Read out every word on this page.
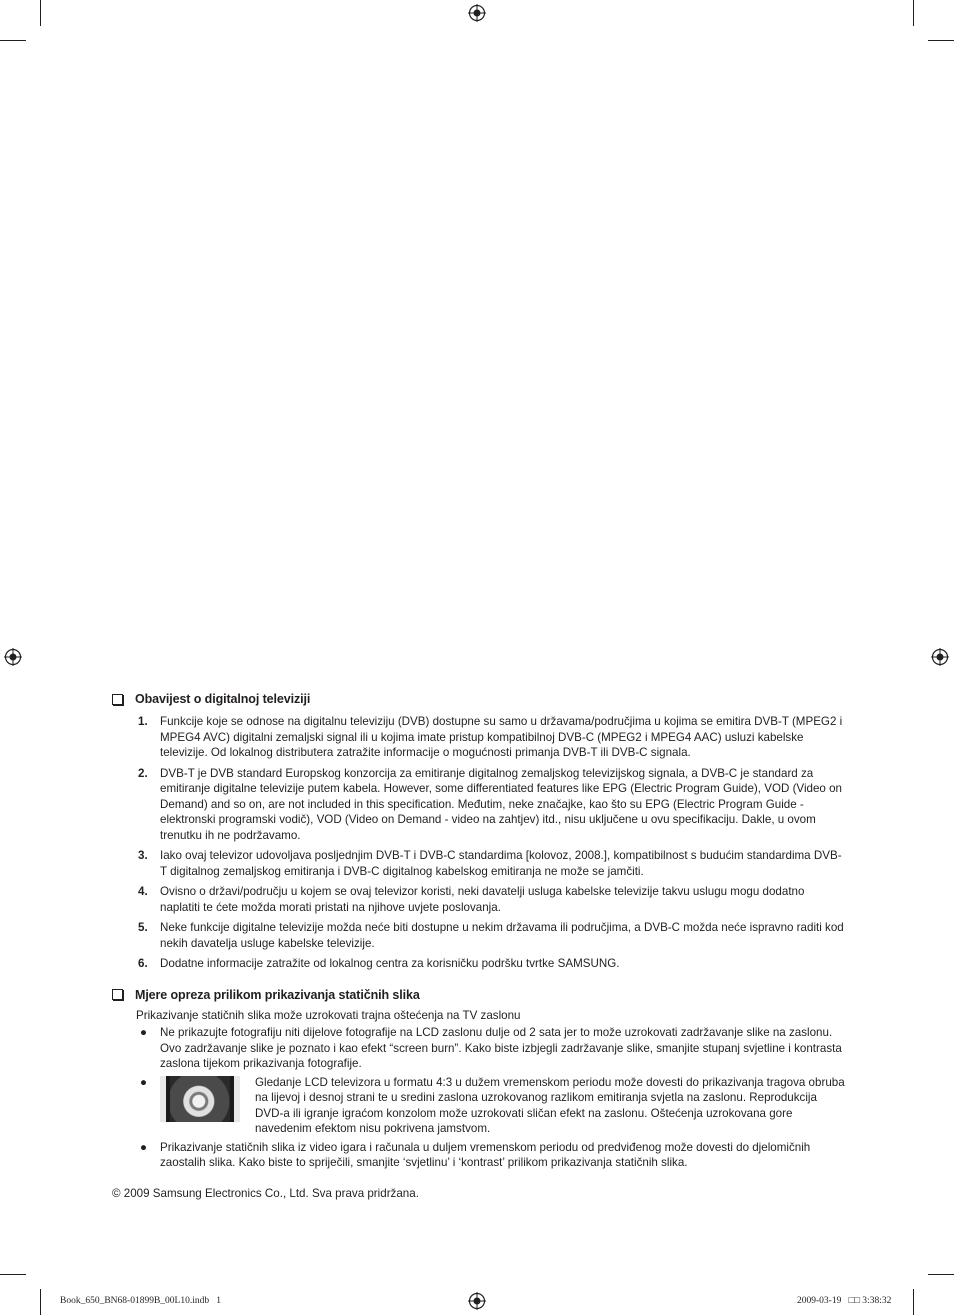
Obavijest o digitalnoj televiziji
1. Funkcije koje se odnose na digitalnu televiziju (DVB) dostupne su samo u državama/područjima u kojima se emitira DVB-T (MPEG2 i MPEG4 AVC) digitalni zemaljski signal ili u kojima imate pristup kompatibilnoj DVB-C (MPEG2 i MPEG4 AAC) usluzi kabelske televizije. Od lokalnog distributera zatražite informacije o mogućnosti primanja DVB-T ili DVB-C signala.
2. DVB-T je DVB standard Europskog konzorcija za emitiranje digitalnog zemaljskog televizijskog signala, a DVB-C je standard za emitiranje digitalne televizije putem kabela. However, some differentiated features like EPG (Electric Program Guide), VOD (Video on Demand) and so on, are not included in this specification. Međutim, neke značajke, kao što su EPG (Electric Program Guide - elektronski programski vodič), VOD (Video on Demand - video na zahtjev) itd., nisu uključene u ovu specifikaciju. Dakle, u ovom trenutku ih ne podržavamo.
3. Iako ovaj televizor udovoljava posljednjim DVB-T i DVB-C standardima [kolovoz, 2008.], kompatibilnost s budućim standardima DVB-T digitalnog zemaljskog emitiranja i DVB-C digitalnog kabelskog emitiranja ne može se jamčiti.
4. Ovisno o državi/području u kojem se ovaj televizor koristi, neki davatelji usluga kabelske televizije takvu uslugu mogu dodatno naplatiti te ćete možda morati pristati na njihove uvjete poslovanja.
5. Neke funkcije digitalne televizije možda neće biti dostupne u nekim državama ili područjima, a DVB-C možda neće ispravno raditi kod nekih davatelja usluge kabelske televizije.
6. Dodatne informacije zatražite od lokalnog centra za korisničku podršku tvrtke SAMSUNG.
Mjere opreza prilikom prikazivanja statičnih slika
Prikazivanje statičnih slika može uzrokovati trajna oštećenja na TV zaslonu
● Ne prikazujte fotografiju niti dijelove fotografije na LCD zaslonu dulje od 2 sata jer to može uzrokovati zadržavanje slike na zaslonu. Ovo zadržavanje slike je poznato i kao efekt “screen burn”. Kako biste izbjegli zadržavanje slike, smanjite stupanj svjetline i kontrasta zaslona tijekom prikazivanja fotografije.
●	Gledanje LCD televizora u formatu 4:3 u dužem vremenskom periodu može dovesti do prikazivanja tragova obruba na lijevoj i desnoj strani te u sredini zaslona uzrokovanog razlikom emitiranja svjetla na zaslonu. Reprodukcija DVD-a ili igranje igraćom konzolom može uzrokovati sličan efekt na zaslonu. Oštećenja uzrokovana gore navedenim efektom nisu pokrivena jamstvom.
● Prikazivanje statičnih slika iz video igara i računala u duljem vremenskom periodu od predviđenog može dovesti do djelomičnih zaostalih slika. Kako biste to spriječili, smanjite ‘svjetlinu’ i ‘kontrast’ prilikom prikazivanja statičnih slika.
© 2009 Samsung Electronics Co., Ltd. Sva prava pridržana.
Book_650_BN68-01899B_00L10.indb   1	2009-03-19   □□ 3:38:32
